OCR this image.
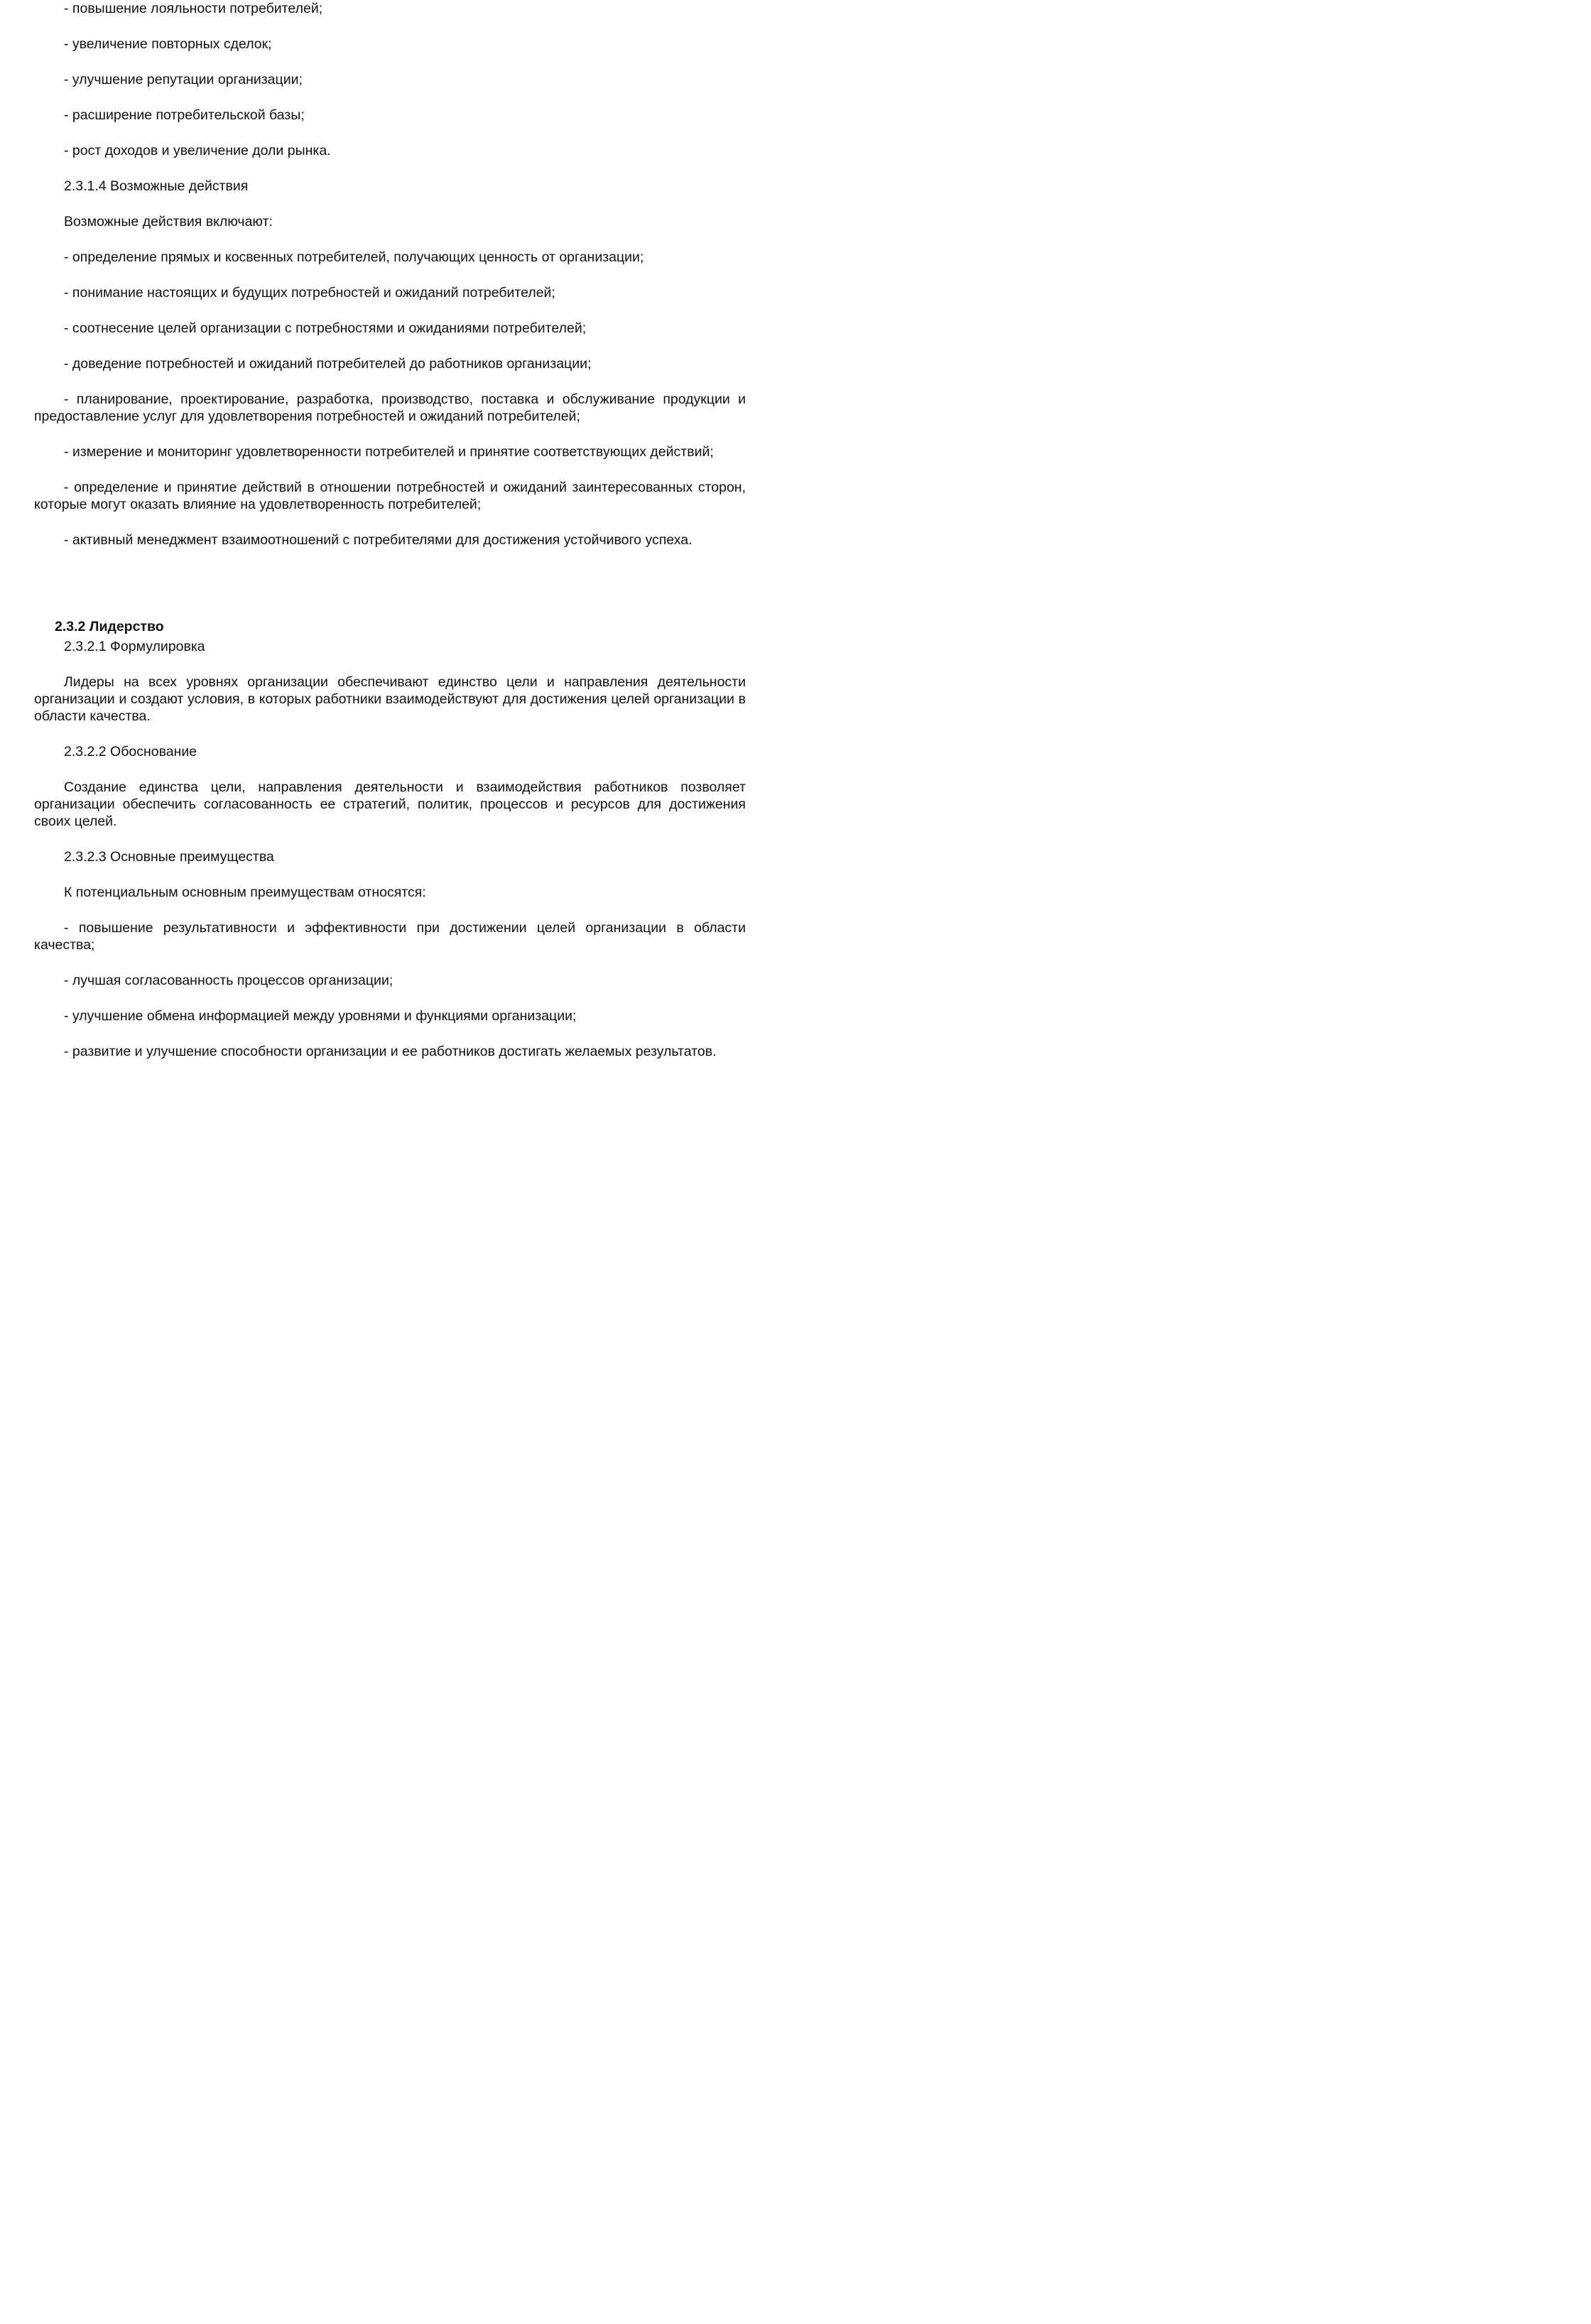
- повышение лояльности потребителей;

- увеличение повторных сделок;

- улучшение репутации организации;

- расширение потребительской базы;

- рост доходов и увеличение доли рынка.

2.3.1.4 Возможные действия

Возможные действия включают:

- определение прямых и косвенных потребителей, получающих ценность от организации;

- понимание настоящих и будущих потребностей и ожиданий потребителей;

- соотнесение целей организации с потребностями и ожиданиями потребителей;

- доведение потребностей и ожиданий потребителей до работников организации;

- планирование, проектирование, разработка, производство, поставка и обслуживание продукции и предоставление услуг для удовлетворения потребностей и ожиданий потребителей;

- измерение и мониторинг удовлетворенности потребителей и принятие соответствующих действий;

- определение и принятие действий в отношении потребностей и ожиданий заинтересованных сторон, которые могут оказать влияние на удовлетворенность потребителей;

- активный менеджмент взаимоотношений с потребителями для достижения устойчивого успеха.

2.3.2 Лидерство

2.3.2.1 Формулировка

Лидеры на всех уровнях организации обеспечивают единство цели и направления деятельности организации и создают условия, в которых работники взаимодействуют для достижения целей организации в области качества.

2.3.2.2 Обоснование

Создание единства цели, направления деятельности и взаимодействия работников позволяет организации обеспечить согласованность ее стратегий, политик, процессов и ресурсов для достижения своих целей.

2.3.2.3 Основные преимущества

К потенциальным основным преимуществам относятся:

- повышение результативности и эффективности при достижении целей организации в области качества;

- лучшая согласованность процессов организации;

- улучшение обмена информацией между уровнями и функциями организации;

- развитие и улучшение способности организации и ее работников достигать желаемых результатов.
